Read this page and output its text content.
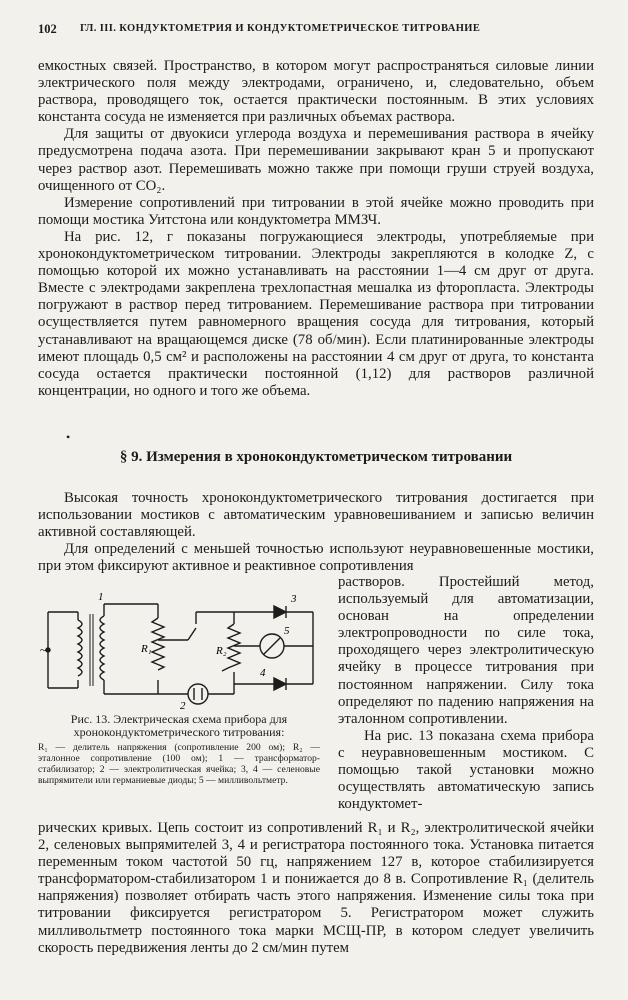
102 ГЛ. III. КОНДУКТОМЕТРИЯ И КОНДУКТОМЕТРИЧЕСКОЕ ТИТРОВАНИЕ

емкостных связей. Пространство, в котором могут распространяться силовые линии электрического поля между электродами, ограничено, и, следовательно, объем раствора, проводящего ток, остается практически постоянным. В этих условиях константа сосуда не изменяется при различных объемах раствора.

Для защиты от двуокиси углерода воздуха и перемешивания раствора в ячейку предусмотрена подача азота. При перемешивании закрывают кран 5 и пропускают через раствор азот. Перемешивать можно также при помощи груши струей воздуха, очищенного от CO₂.

Измерение сопротивлений при титровании в этой ячейке можно проводить при помощи мостика Уитстона или кондуктометра ММЗЧ.

На рис. 12, г показаны погружающиеся электроды, употребляемые при хронокондуктометрическом титровании. Электроды закрепляются в колодке Z, с помощью которой их можно устанавливать на расстоянии 1—4 см друг от друга. Вместе с электродами закреплена трехлопастная мешалка из фторопласта. Электроды погружают в раствор перед титрованием. Перемешивание раствора при титровании осуществляется путем равномерного вращения сосуда для титрования, который устанавливают на вращающемся диске (78 об/мин). Если платинированные электроды имеют площадь 0,5 см² и расположены на расстоянии 4 см друг от друга, то константа сосуда остается практически постоянной (1,12) для растворов различной концентрации, но одного и того же объема.

•
§ 9. Измерения в хронокондуктометрическом титровании

Высокая точность хронокондуктометрического титрования достигается при использовании мостиков с автоматическим уравновешиванием и записью величин активной составляющей.

Для определений с меньшей точностью используют неуравновешенные мостики, при этом фиксируют активное и реактивное сопротивления

растворов. Простейший метод, используемый для автоматизации, основан на определении электропроводности по силе тока, проходящего через электролитическую ячейку в процессе титрования при постоянном напряжении. Силу тока определяют по падению напряжения на эталонном сопротивлении.

На рис. 13 показана схема прибора с неуравновешенным мостиком. С помощью такой установки можно осуществлять автоматическую запись кондуктомет-

~
1
R₁	R₂
2
3
4
5
Рис. 13. Электрическая схема прибора для хронокондуктометрического титрования:
R₁ — делитель напряжения (сопротивление 200 ом); R₂ — эталонное сопротивление (100 ом); 1 — трансформатор-стабилизатор; 2 — электролитическая ячейка; 3, 4 — селеновые выпрямители или германиевые диоды; 5 — милливольтметр.

рических кривых. Цепь состоит из сопротивлений R₁ и R₂, электролитической ячейки 2, селеновых выпрямителей 3, 4 и регистратора постоянного тока. Установка питается переменным током частотой 50 гц, напряжением 127 в, которое стабилизируется трансформатором-стабилизатором 1 и понижается до 8 в. Сопротивление R₁ (делитель напряжения) позволяет отбирать часть этого напряжения. Изменение силы тока при титровании фиксируется регистратором 5. Регистратором может служить милливольтметр постоянного тока марки МСЩ-ПР, в котором следует увеличить скорость передвижения ленты до 2 см/мин путем
